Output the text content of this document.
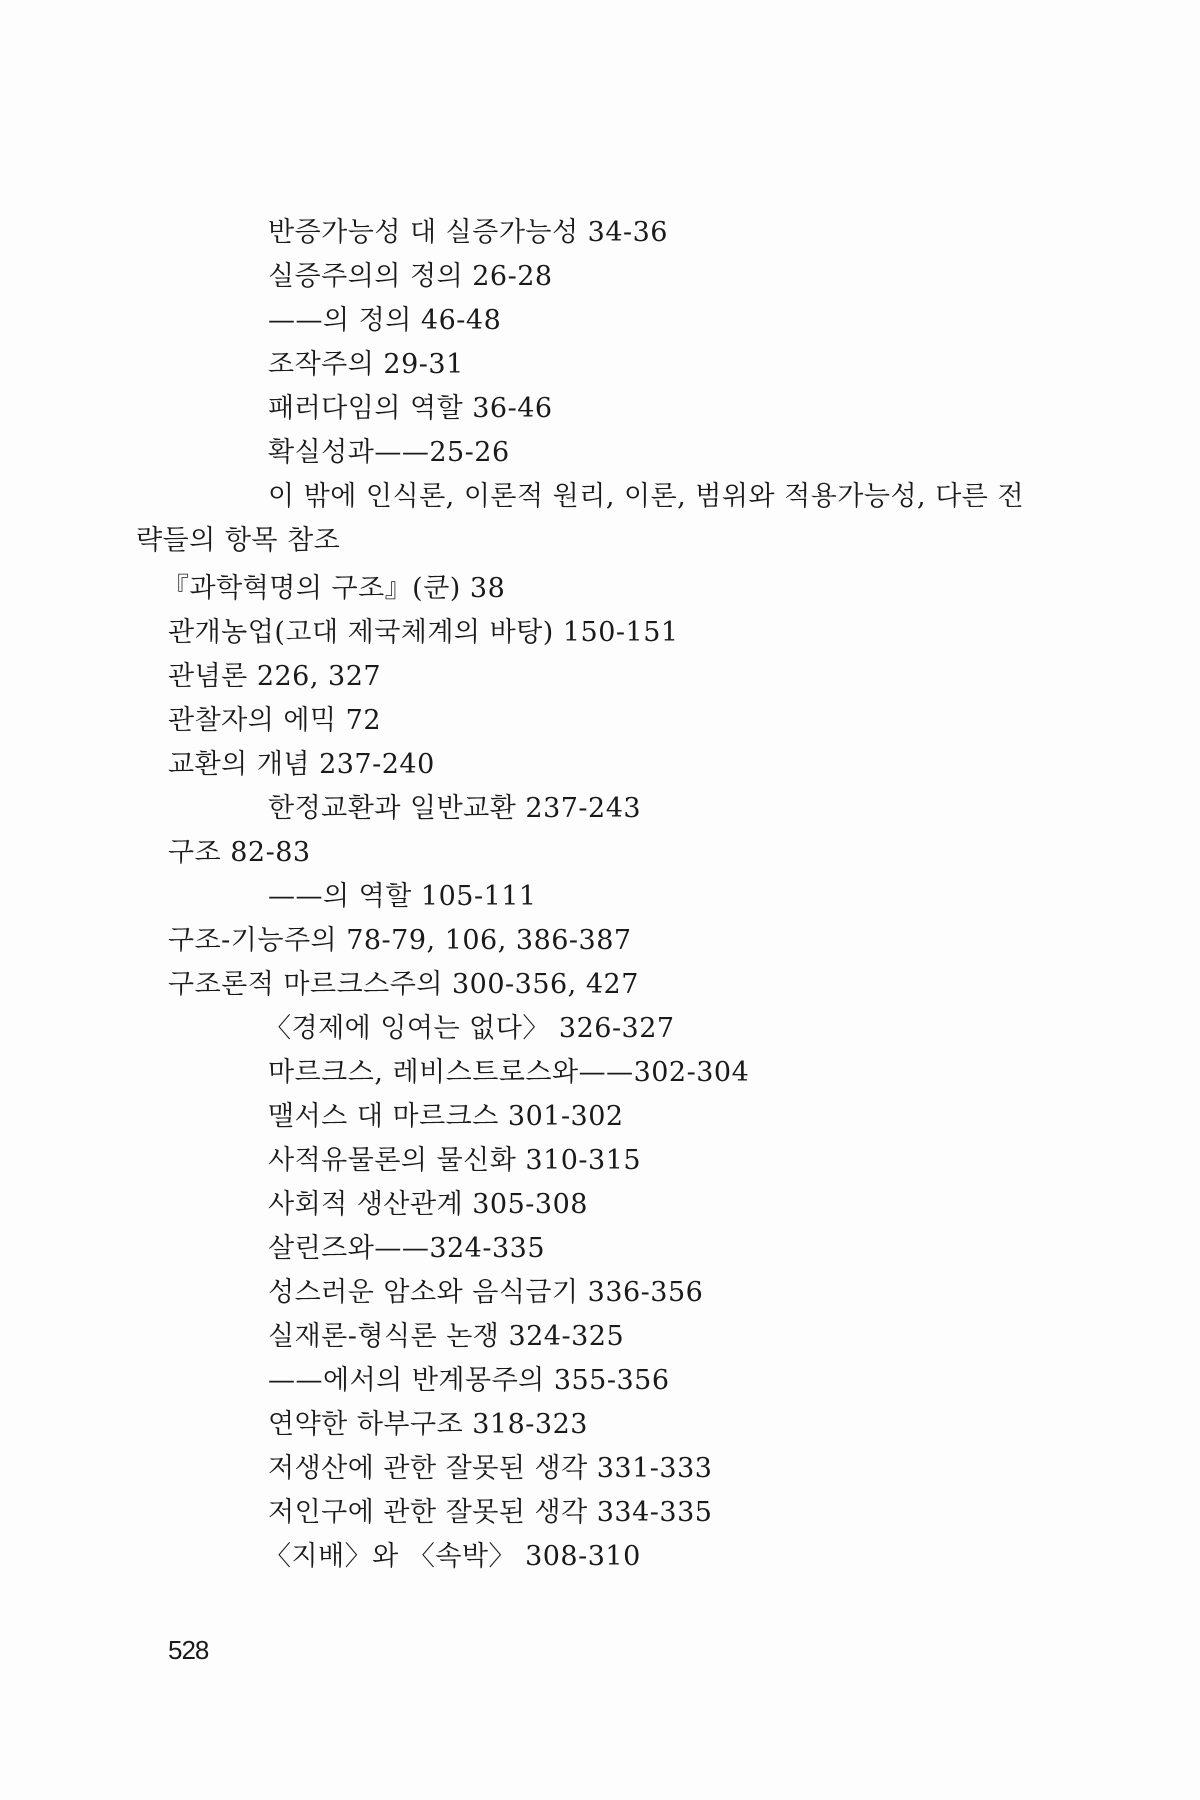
반증가능성 대 실증가능성 34-36
실증주의의 정의 26-28
——의 정의 46-48
조작주의 29-31
패러다임의 역할 36-46
확실성과——25-26
이 밖에 인식론, 이론적 원리, 이론, 범위와 적용가능성, 다른 전
략들의 항목 참조
『과학혁명의 구조』(쿤) 38
관개농업(고대 제국체계의 바탕) 150-151
관념론 226, 327
관찰자의 에믹 72
교환의 개념 237-240
한정교환과 일반교환 237-243
구조 82-83
——의 역할 105-111
구조-기능주의 78-79, 106, 386-387
구조론적 마르크스주의 300-356, 427
〈경제에 잉여는 없다〉 326-327
마르크스, 레비스트로스와——302-304
맬서스 대 마르크스 301-302
사적유물론의 물신화 310-315
사회적 생산관계 305-308
살린즈와——324-335
성스러운 암소와 음식금기 336-356
실재론-형식론 논쟁 324-325
——에서의 반계몽주의 355-356
연약한 하부구조 318-323
저생산에 관한 잘못된 생각 331-333
저인구에 관한 잘못된 생각 334-335
〈지배〉와 〈속박〉 308-310
528
